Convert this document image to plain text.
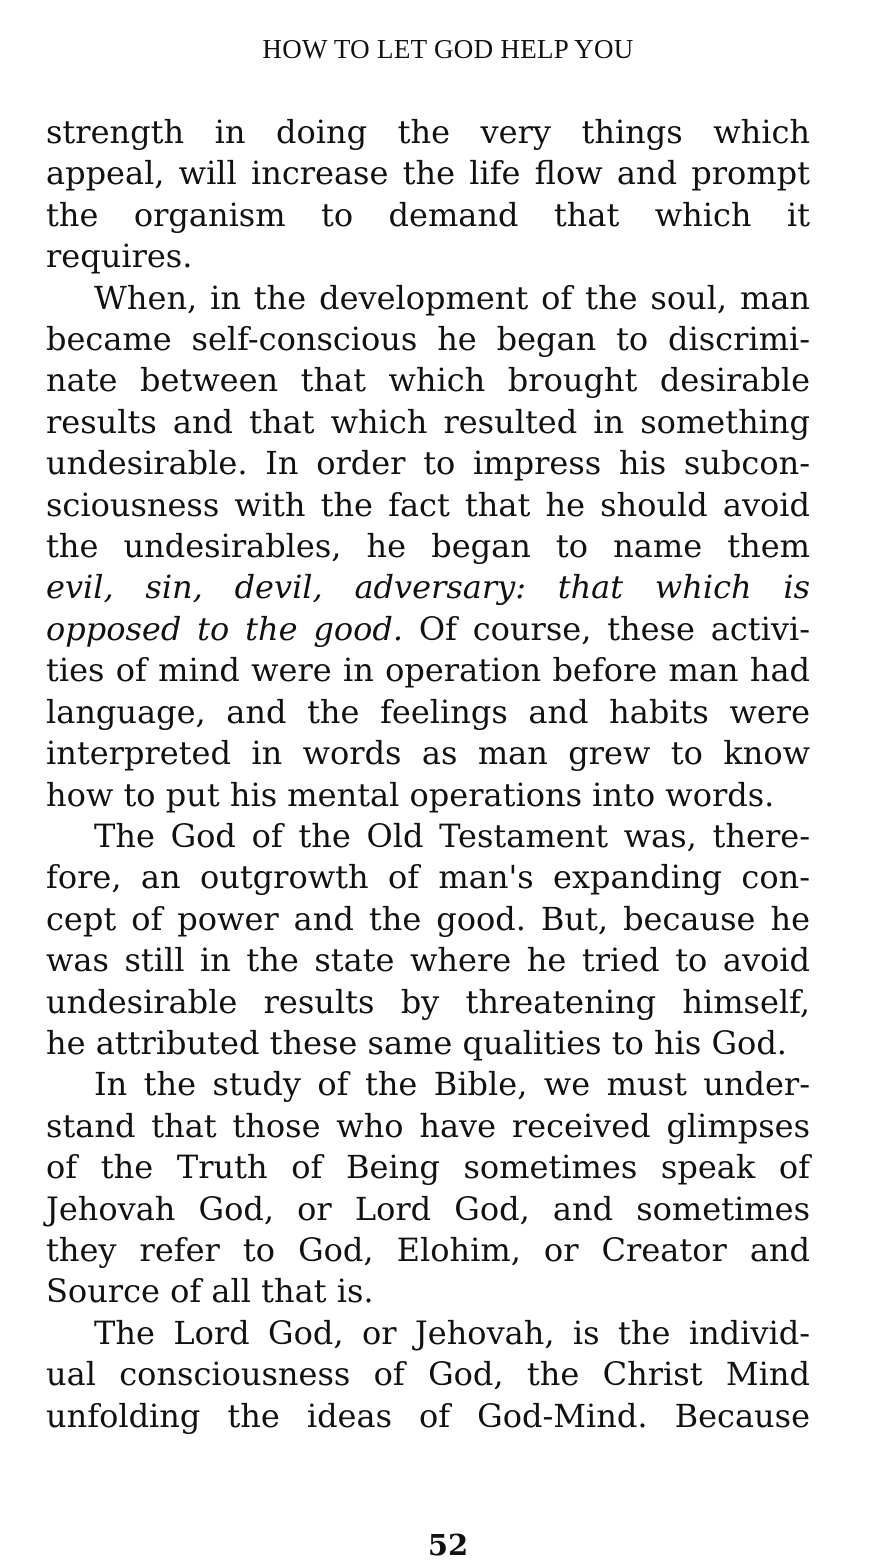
HOW TO LET GOD HELP YOU
strength in doing the very things which
appeal, will increase the life flow and prompt
the organism to demand that which it
requires.
When, in the development of the soul, man
became self-conscious he began to discrimi-
nate between that which brought desirable
results and that which resulted in something
undesirable. In order to impress his subcon-
sciousness with the fact that he should avoid
the undesirables, he began to name them
evil, sin, devil, adversary: that which is
opposed to the good. Of course, these activi-
ties of mind were in operation before man had
language, and the feelings and habits were
interpreted in words as man grew to know
how to put his mental operations into words.
The God of the Old Testament was, there-
fore, an outgrowth of man's expanding con-
cept of power and the good. But, because he
was still in the state where he tried to avoid
undesirable results by threatening himself,
he attributed these same qualities to his God.
In the study of the Bible, we must under-
stand that those who have received glimpses
of the Truth of Being sometimes speak of
Jehovah God, or Lord God, and sometimes
they refer to God, Elohim, or Creator and
Source of all that is.
The Lord God, or Jehovah, is the individ-
ual consciousness of God, the Christ Mind
unfolding the ideas of God-Mind. Because
52
